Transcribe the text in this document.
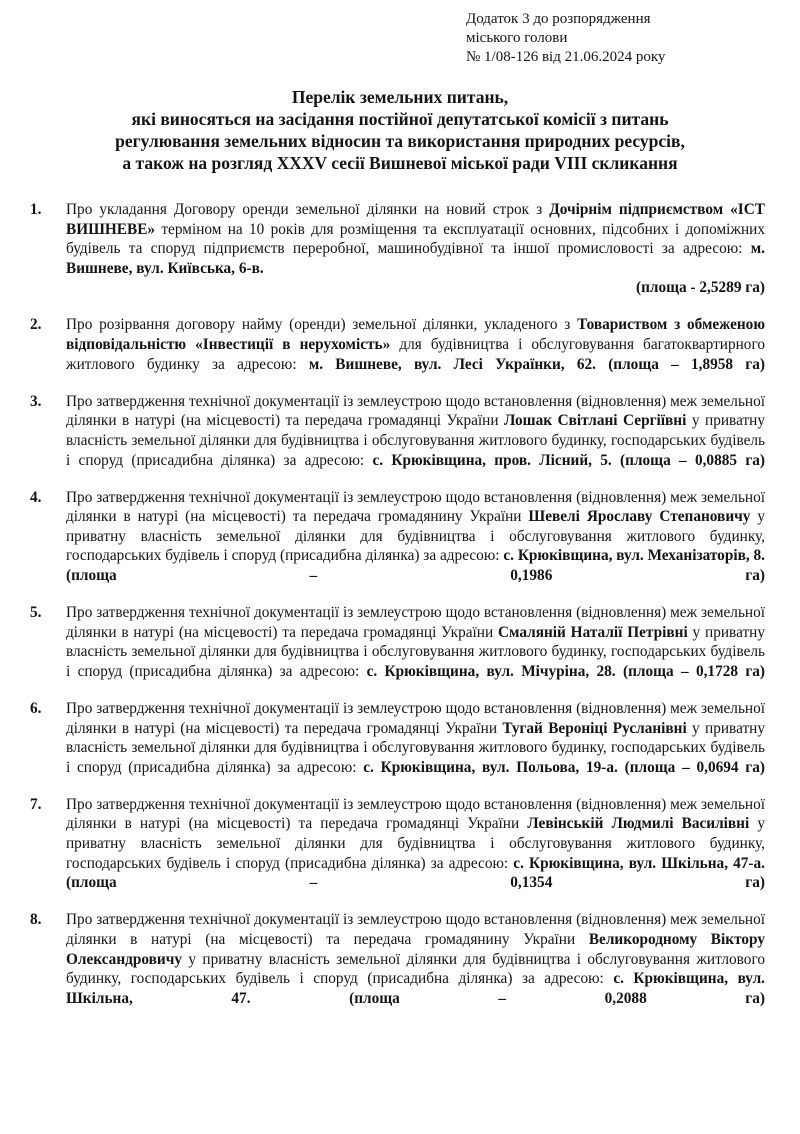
Додаток 3 до розпорядження
міського голови
№ 1/08-126 від 21.06.2024 року
Перелік земельних питань,
які виносяться на засідання постійної депутатської комісії з питань
регулювання земельних відносин та використання природних ресурсів,
а також на розгляд XXXV сесії Вишневої міської ради VIII скликання
1.	Про укладання Договору оренди земельної ділянки на новий строк з Дочірнім підприємством «ІСТ ВИШНЕВЕ» терміном на 10 років для розміщення та експлуатації основних, підсобних і допоміжних будівель та споруд підприємств переробної, машинобудівної та іншої промисловості за адресою: м. Вишневе, вул. Київська, 6-в.
(площа - 2,5289 га)
2.	Про розірвання договору найму (оренди) земельної ділянки, укладеного з Товариством з обмеженою відповідальністю «Інвестиції в нерухомість» для будівництва і обслуговування багатоквартирного житлового будинку за адресою: м. Вишневе, вул. Лесі Українки, 62. (площа – 1,8958 га)
3.	Про затвердження технічної документації із землеустрою щодо встановлення (відновлення) меж земельної ділянки в натурі (на місцевості) та передача громадянці України Лошак Світлані Сергіївні у приватну власність земельної ділянки для будівництва і обслуговування житлового будинку, господарських будівель і споруд (присадибна ділянка) за адресою: с. Крюківщина, пров. Лісний, 5. (площа – 0,0885 га)
4.	Про затвердження технічної документації із землеустрою щодо встановлення (відновлення) меж земельної ділянки в натурі (на місцевості) та передача громадянину України Шевелі Ярославу Степановичу у приватну власність земельної ділянки для будівництва і обслуговування житлового будинку, господарських будівель і споруд (присадибна ділянка) за адресою: с. Крюківщина, вул. Механізаторів, 8. (площа – 0,1986 га)
5.	Про затвердження технічної документації із землеустрою щодо встановлення (відновлення) меж земельної ділянки в натурі (на місцевості) та передача громадянці України Смаляній Наталії Петрівні у приватну власність земельної ділянки для будівництва і обслуговування житлового будинку, господарських будівель і споруд (присадибна ділянка) за адресою: с. Крюківщина, вул. Мічуріна, 28. (площа – 0,1728 га)
6.	Про затвердження технічної документації із землеустрою щодо встановлення (відновлення) меж земельної ділянки в натурі (на місцевості) та передача громадянці України Тугай Вероніці Русланівні у приватну власність земельної ділянки для будівництва і обслуговування житлового будинку, господарських будівель і споруд (присадибна ділянка) за адресою: с. Крюківщина, вул. Польова, 19-а. (площа – 0,0694 га)
7.	Про затвердження технічної документації із землеустрою щодо встановлення (відновлення) меж земельної ділянки в натурі (на місцевості) та передача громадянці України Левінській Людмилі Василівні у приватну власність земельної ділянки для будівництва і обслуговування житлового будинку, господарських будівель і споруд (присадибна ділянка) за адресою: с. Крюківщина, вул. Шкільна, 47-а. (площа – 0,1354 га)
8.	Про затвердження технічної документації із землеустрою щодо встановлення (відновлення) меж земельної ділянки в натурі (на місцевості) та передача громадянину України Великородному Віктору Олександровичу у приватну власність земельної ділянки для будівництва і обслуговування житлового будинку, господарських будівель і споруд (присадибна ділянка) за адресою: с. Крюківщина, вул. Шкільна, 47.	(площа – 0,2088 га)
